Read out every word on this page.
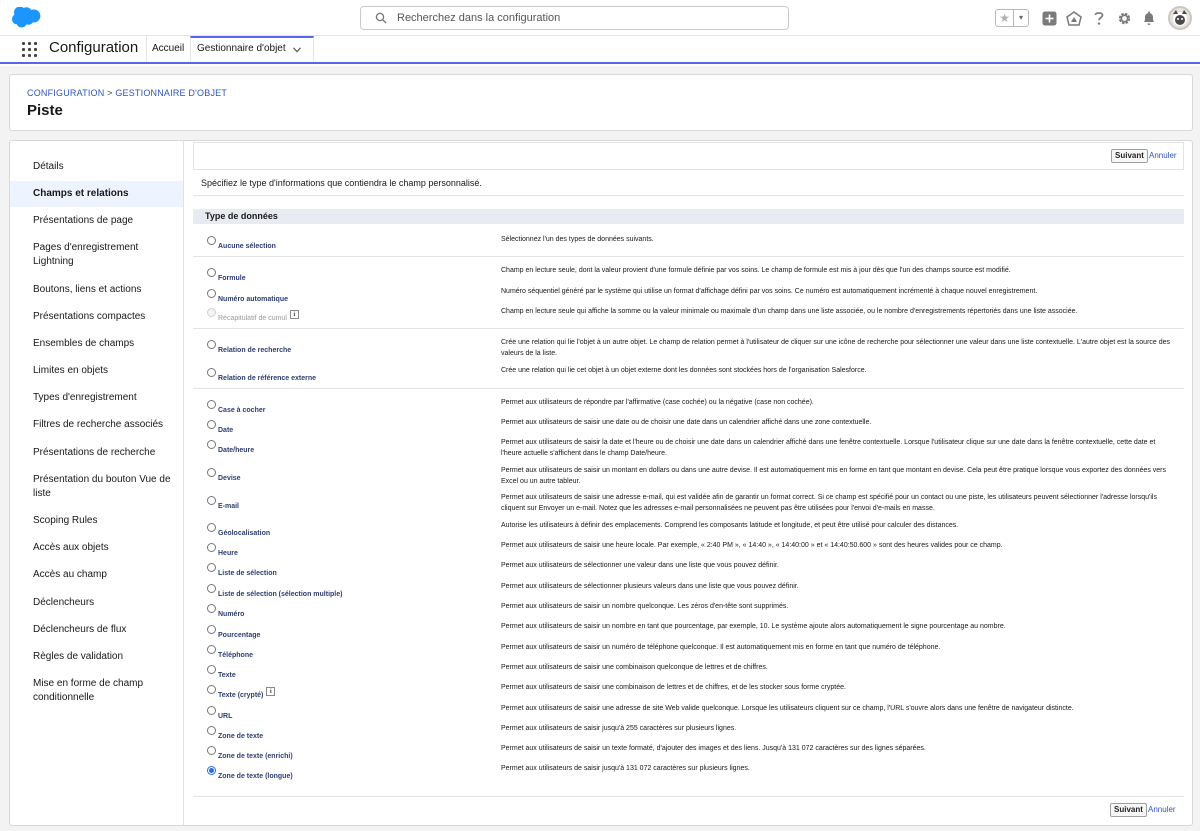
Recherchez dans la configuration
★	▾
Configuration Accueil Gestionnaire d'objet
CONFIGURATION > GESTIONNAIRE D'OBJET
Piste
Détails
Champs et relations
Présentations de page
Pages d'enregistrement Lightning
Boutons, liens et actions
Présentations compactes
Ensembles de champs
Limites en objets
Types d'enregistrement
Filtres de recherche associés
Présentations de recherche
Présentation du bouton Vue de liste
Scoping Rules
Accès aux objets
Accès au champ
Déclencheurs
Déclencheurs de flux
Règles de validation
Mise en forme de champ conditionnelle
Suivant Annuler
Spécifiez le type d'informations que contiendra le champ personnalisé.
Type de données
Aucune sélection
Sélectionnez l'un des types de données suivants.
Formule
Champ en lecture seule, dont la valeur provient d'une formule définie par vos soins. Le champ de formule est mis à jour dès que l'un des champs source est modifié.
Numéro automatique
Numéro séquentiel généré par le système qui utilise un format d'affichage défini par vos soins. Ce numéro est automatiquement incrémenté à chaque nouvel enregistrement.
Récapitulatif de cumul	i	Champ en lecture seule qui affiche la somme ou la valeur minimale ou maximale d'un champ dans une liste associée, ou le nombre d'enregistrements répertoriés dans une liste associée.
Relation de recherche
Crée une relation qui lie l'objet à un autre objet. Le champ de relation permet à l'utilisateur de cliquer sur une icône de recherche pour sélectionner une valeur dans une liste contextuelle. L'autre objet est la source des valeurs de la liste.
Relation de référence externe
Crée une relation qui lie cet objet à un objet externe dont les données sont stockées hors de l'organisation Salesforce.
Case à cocher
Permet aux utilisateurs de répondre par l'affirmative (case cochée) ou la négative (case non cochée).
Date
Permet aux utilisateurs de saisir une date ou de choisir une date dans un calendrier affiché dans une zone contextuelle.
Date/heure
Permet aux utilisateurs de saisir la date et l'heure ou de choisir une date dans un calendrier affiché dans une fenêtre contextuelle. Lorsque l'utilisateur clique sur une date dans la fenêtre contextuelle, cette date et l'heure actuelle s'affichent dans le champ Date/heure.
Devise
Permet aux utilisateurs de saisir un montant en dollars ou dans une autre devise. Il est automatiquement mis en forme en tant que montant en devise. Cela peut être pratique lorsque vous exportez des données vers Excel ou un autre tableur.
E-mail
Permet aux utilisateurs de saisir une adresse e-mail, qui est validée afin de garantir un format correct. Si ce champ est spécifié pour un contact ou une piste, les utilisateurs peuvent sélectionner l'adresse lorsqu'ils cliquent sur Envoyer un e-mail. Notez que les adresses e-mail personnalisées ne peuvent pas être utilisées pour l'envoi d'e-mails en masse.
Géolocalisation
Autorise les utilisateurs à définir des emplacements. Comprend les composants latitude et longitude, et peut être utilisé pour calculer des distances.
Heure
Permet aux utilisateurs de saisir une heure locale. Par exemple, « 2:40 PM », « 14:40 », « 14:40:00 » et « 14:40:50.600 » sont des heures valides pour ce champ.
Liste de sélection
Permet aux utilisateurs de sélectionner une valeur dans une liste que vous pouvez définir.
Liste de sélection (sélection multiple)
Permet aux utilisateurs de sélectionner plusieurs valeurs dans une liste que vous pouvez définir.
Numéro
Permet aux utilisateurs de saisir un nombre quelconque. Les zéros d'en-tête sont supprimés.
Pourcentage
Permet aux utilisateurs de saisir un nombre en tant que pourcentage, par exemple, 10. Le système ajoute alors automatiquement le signe pourcentage au nombre.
Téléphone
Permet aux utilisateurs de saisir un numéro de téléphone quelconque. Il est automatiquement mis en forme en tant que numéro de téléphone.
Texte
Permet aux utilisateurs de saisir une combinaison quelconque de lettres et de chiffres.
Texte (crypté)	i
Permet aux utilisateurs de saisir une combinaison de lettres et de chiffres, et de les stocker sous forme cryptée.
URL
Permet aux utilisateurs de saisir une adresse de site Web valide quelconque. Lorsque les utilisateurs cliquent sur ce champ, l'URL s'ouvre alors dans une fenêtre de navigateur distincte.
Zone de texte
Permet aux utilisateurs de saisir jusqu'à 255 caractères sur plusieurs lignes.
Zone de texte (enrichi)
Permet aux utilisateurs de saisir un texte formaté, d'ajouter des images et des liens. Jusqu'à 131 072 caractères sur des lignes séparées.
Zone de texte (longue)
Permet aux utilisateurs de saisir jusqu'à 131 072 caractères sur plusieurs lignes.
Suivant Annuler
